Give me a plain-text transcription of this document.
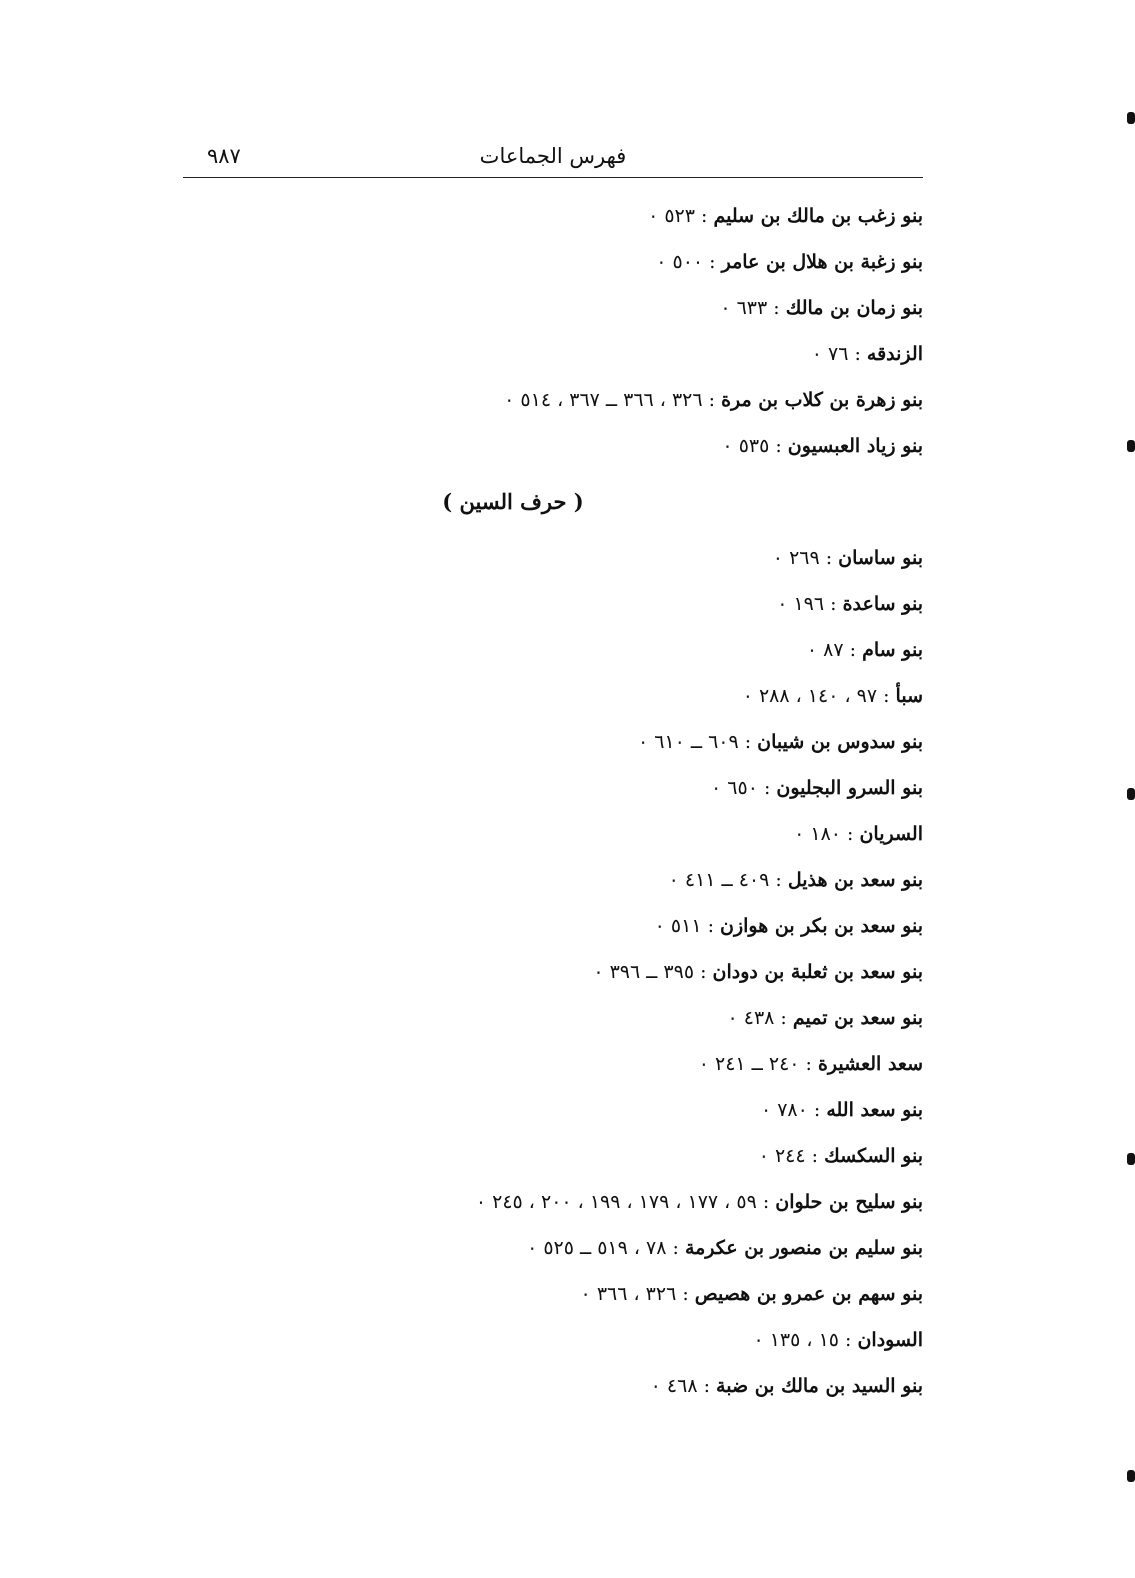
فهرس الجماعات
٩٨٧
بنو زغب بن مالك بن سليم : ٥٢٣ ٠
بنو زغبة بن هلال بن عامر : ٥٠٠ ٠
بنو زمان بن مالك : ٦٣٣ ٠
الزندقه : ٧٦ ٠
بنو زهرة بن كلاب بن مرة : ٣٢٦ ، ٣٦٦ ــ ٣٦٧ ، ٥١٤ ٠
بنو زياد العبسيون : ٥٣٥ ٠
( حرف السين )
بنو ساسان : ٢٦٩ ٠
بنو ساعدة : ١٩٦ ٠
بنو سام : ٨٧ ٠
سبأ : ٩٧ ، ١٤٠ ، ٢٨٨ ٠
بنو سدوس بن شيبان : ٦٠٩ ــ ٦١٠ ٠
بنو السرو البجليون : ٦٥٠ ٠
السريان : ١٨٠ ٠
بنو سعد بن هذيل : ٤٠٩ ــ ٤١١ ٠
بنو سعد بن بكر بن هوازن : ٥١١ ٠
بنو سعد بن ثعلبة بن دودان : ٣٩٥ ــ ٣٩٦ ٠
بنو سعد بن تميم : ٤٣٨ ٠
سعد العشيرة : ٢٤٠ ــ ٢٤١ ٠
بنو سعد الله : ٧٨٠ ٠
بنو السكسك : ٢٤٤ ٠
بنو سليح بن حلوان : ٥٩ ، ١٧٧ ، ١٧٩ ، ١٩٩ ، ٢٠٠ ، ٢٤٥ ٠
بنو سليم بن منصور بن عكرمة : ٧٨ ، ٥١٩ ــ ٥٢٥ ٠
بنو سهم بن عمرو بن هصيص : ٣٢٦ ، ٣٦٦ ٠
السودان : ١٥ ، ١٣٥ ٠
بنو السيد بن مالك بن ضبة : ٤٦٨ ٠
